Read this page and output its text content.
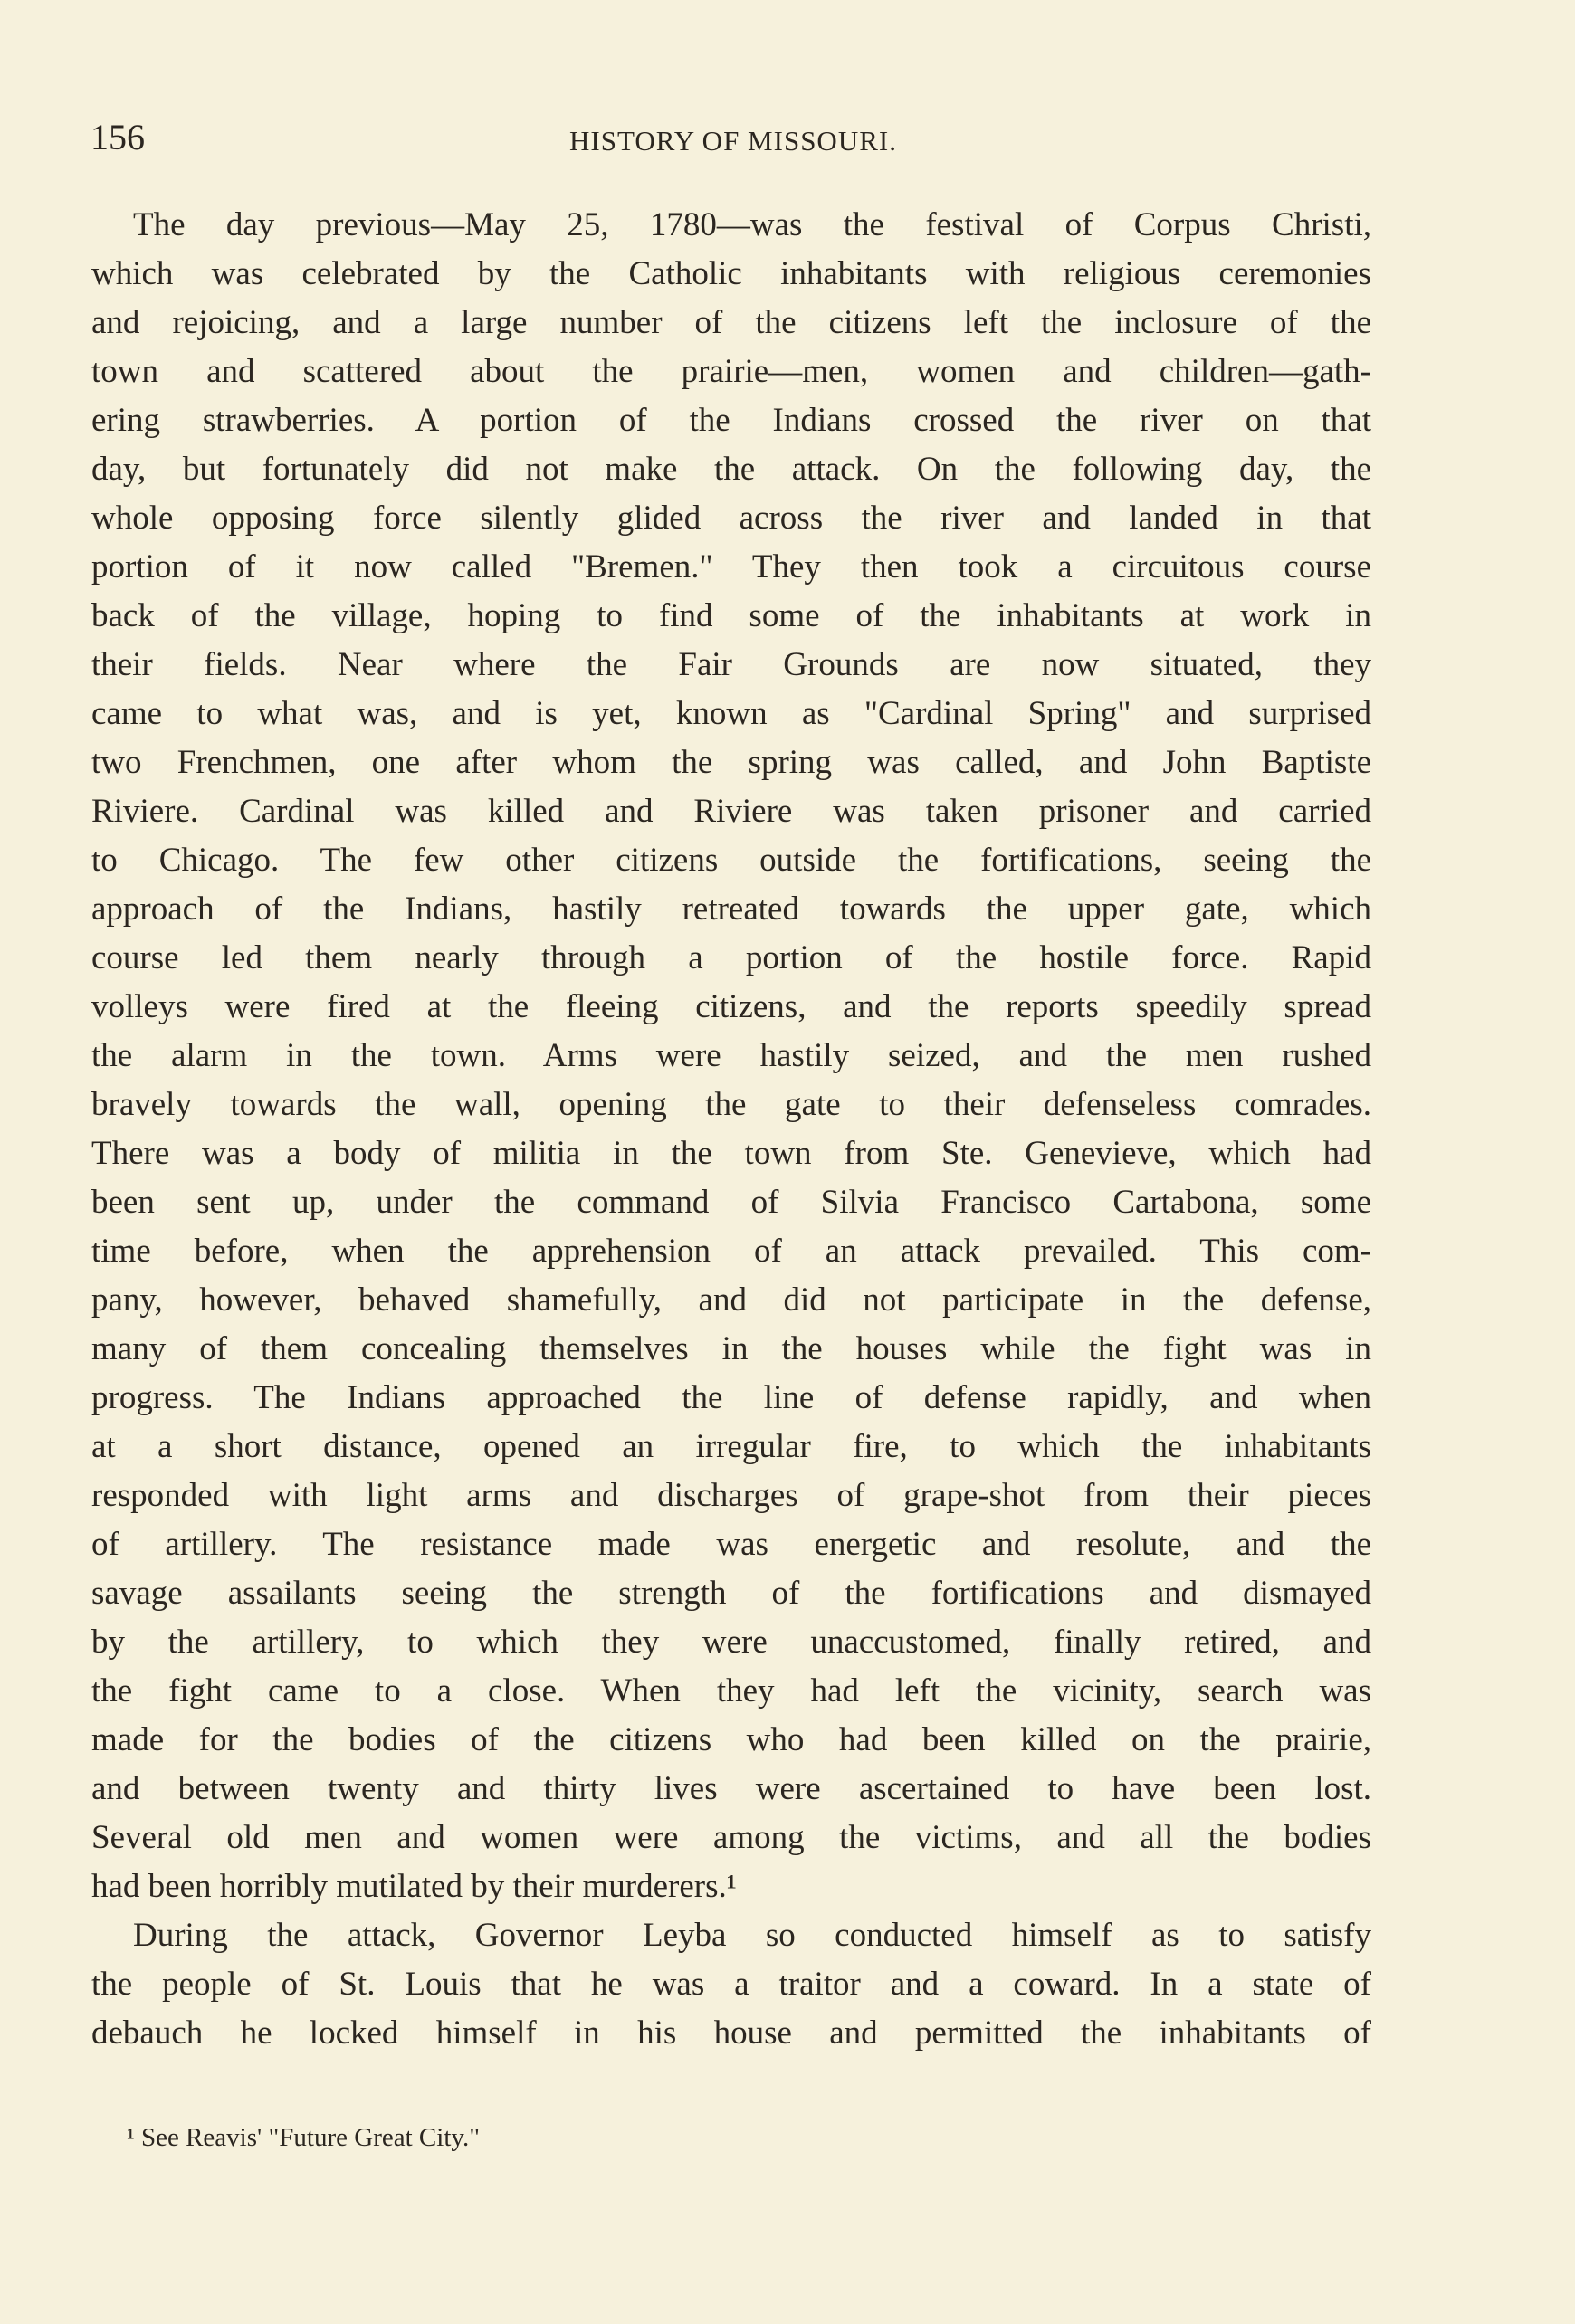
156	HISTORY OF MISSOURI.
The day previous—May 25, 1780—was the festival of Corpus Christi,
which was celebrated by the Catholic inhabitants with religious ceremonies
and rejoicing, and a large number of the citizens left the inclosure of the
town and scattered about the prairie—men, women and children—gath-
ering strawberries. A portion of the Indians crossed the river on that
day, but fortunately did not make the attack. On the following day, the
whole opposing force silently glided across the river and landed in that
portion of it now called "Bremen." They then took a circuitous course
back of the village, hoping to find some of the inhabitants at work in
their fields. Near where the Fair Grounds are now situated, they
came to what was, and is yet, known as "Cardinal Spring" and surprised
two Frenchmen, one after whom the spring was called, and John Baptiste
Riviere. Cardinal was killed and Riviere was taken prisoner and carried
to Chicago. The few other citizens outside the fortifications, seeing the
approach of the Indians, hastily retreated towards the upper gate, which
course led them nearly through a portion of the hostile force. Rapid
volleys were fired at the fleeing citizens, and the reports speedily spread
the alarm in the town. Arms were hastily seized, and the men rushed
bravely towards the wall, opening the gate to their defenseless comrades.
There was a body of militia in the town from Ste. Genevieve, which had
been sent up, under the command of Silvia Francisco Cartabona, some
time before, when the apprehension of an attack prevailed. This com-
pany, however, behaved shamefully, and did not participate in the defense,
many of them concealing themselves in the houses while the fight was in
progress. The Indians approached the line of defense rapidly, and when
at a short distance, opened an irregular fire, to which the inhabitants
responded with light arms and discharges of grape-shot from their pieces
of artillery. The resistance made was energetic and resolute, and the
savage assailants seeing the strength of the fortifications and dismayed
by the artillery, to which they were unaccustomed, finally retired, and
the fight came to a close. When they had left the vicinity, search was
made for the bodies of the citizens who had been killed on the prairie,
and between twenty and thirty lives were ascertained to have been lost.
Several old men and women were among the victims, and all the bodies
had been horribly mutilated by their murderers.¹
During the attack, Governor Leyba so conducted himself as to satisfy
the people of St. Louis that he was a traitor and a coward. In a state of
debauch he locked himself in his house and permitted the inhabitants of
¹ See Reavis' "Future Great City."
